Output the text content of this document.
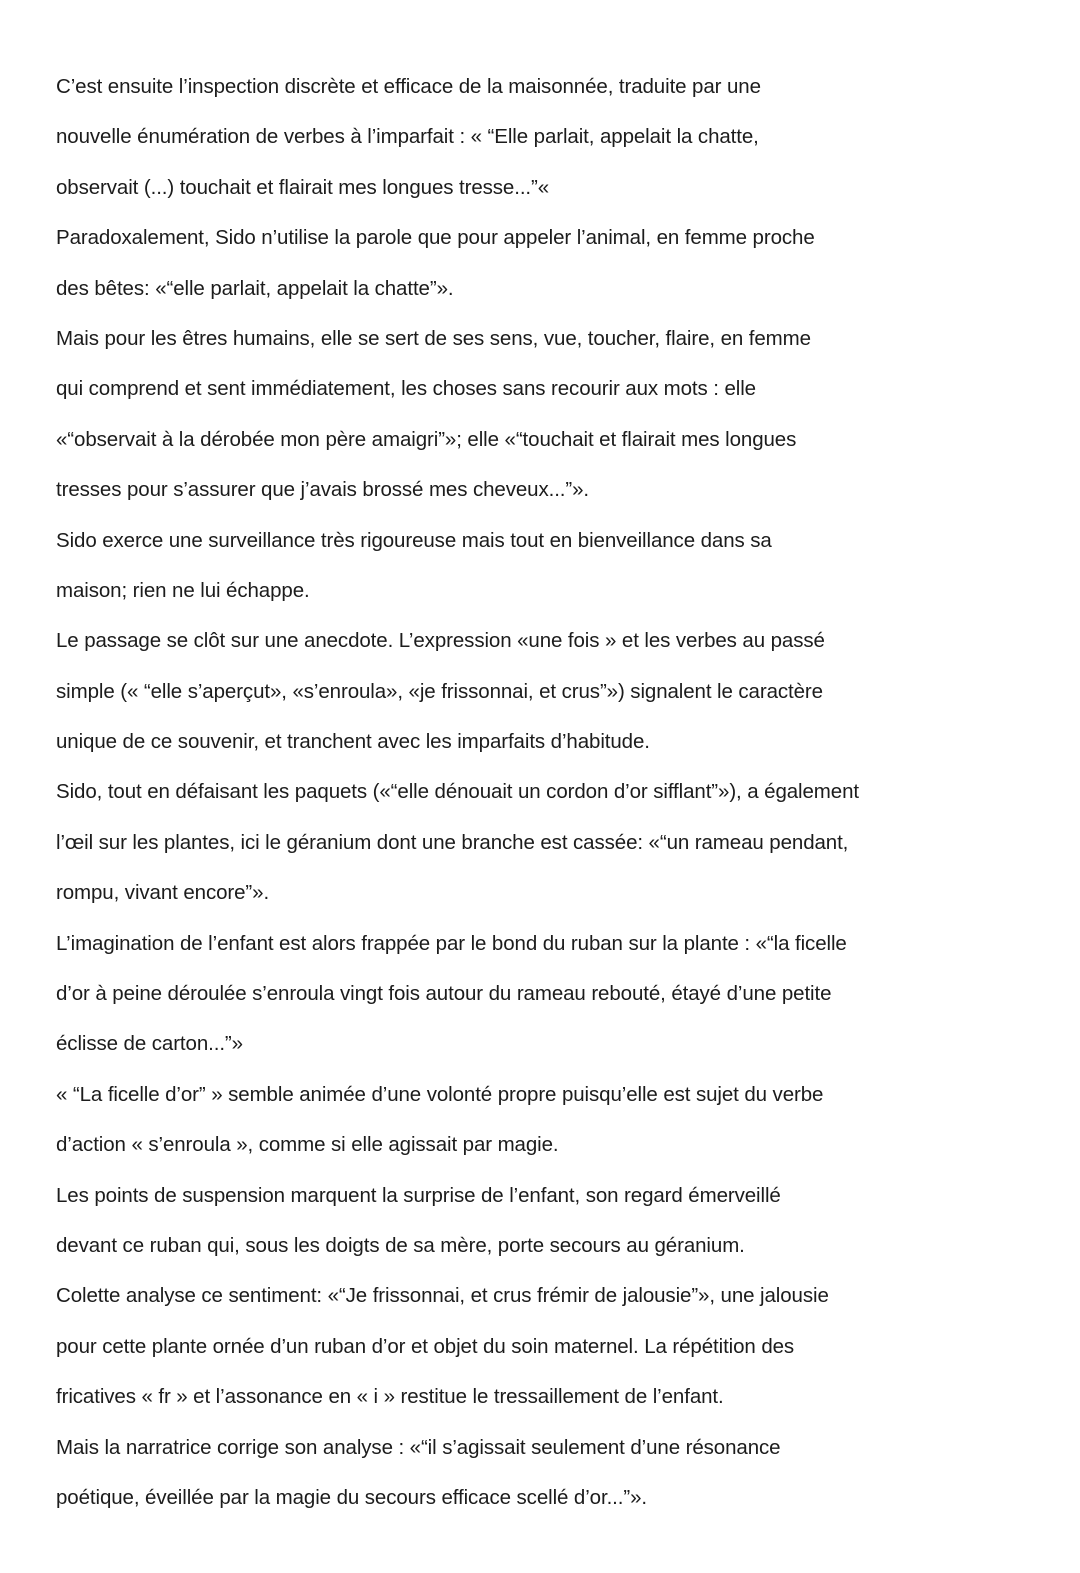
C’est ensuite l’inspection discrète et efficace de la maisonnée, traduite par une
nouvelle énumération de verbes à l’imparfait : « “Elle parlait, appelait la chatte,
observait (...) touchait et flairait mes longues tresse...”«
Paradoxalement, Sido n’utilise la parole que pour appeler l’animal, en femme proche
des bêtes: «“elle parlait, appelait la chatte”».
Mais pour les êtres humains, elle se sert de ses sens, vue, toucher, flaire, en femme
qui comprend et sent immédiatement, les choses sans recourir aux mots : elle
«“observait à la dérobée mon père amaigri”»; elle «“touchait et flairait mes longues
tresses pour s’assurer que j’avais brossé mes cheveux...”».
Sido exerce une surveillance très rigoureuse mais tout en bienveillance dans sa
maison; rien ne lui échappe.
Le passage se clôt sur une anecdote. L’expression «une fois » et les verbes au passé
simple (« “elle s’aperçut», «s’enroula», «je frissonnai, et crus”») signalent le caractère
unique de ce souvenir, et tranchent avec les imparfaits d’habitude.
Sido, tout en défaisant les paquets («“elle dénouait un cordon d’or sifflant”»), a également
l’œil sur les plantes, ici le géranium dont une branche est cassée: «“un rameau pendant,
rompu, vivant encore”».
L’imagination de l’enfant est alors frappée par le bond du ruban sur la plante : «“la ficelle
d’or à peine déroulée s’enroula vingt fois autour du rameau rebouté, étayé d’une petite
éclisse de carton...”»
« “La ficelle d’or” » semble animée d’une volonté propre puisqu’elle est sujet du verbe
d’action « s’enroula », comme si elle agissait par magie.
Les points de suspension marquent la surprise de l’enfant, son regard émerveillé
devant ce ruban qui, sous les doigts de sa mère, porte secours au géranium.
Colette analyse ce sentiment: «“Je frissonnai, et crus frémir de jalousie”», une jalousie
pour cette plante ornée d’un ruban d’or et objet du soin maternel. La répétition des
fricatives « fr » et l’assonance en « i » restitue le tressaillement de l’enfant.
Mais la narratrice corrige son analyse : «“il s’agissait seulement d’une résonance
poétique, éveillée par la magie du secours efficace scellé d’or...”».
